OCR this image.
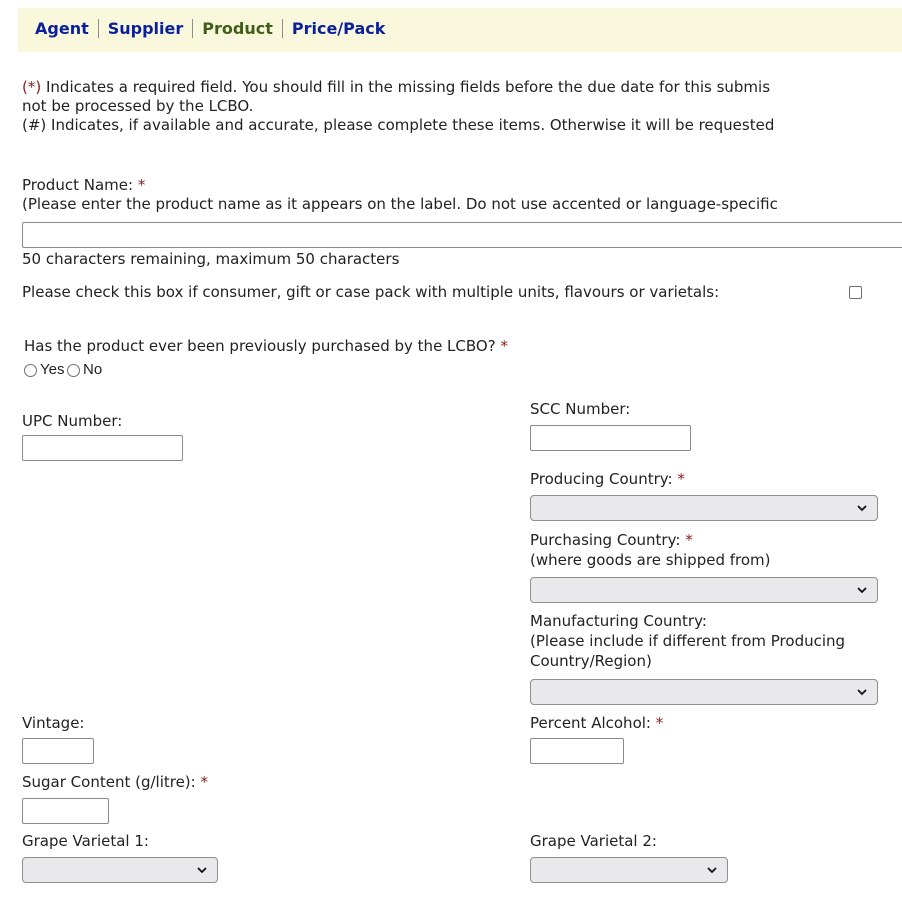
Agent Supplier Product Price/Pack
(*) Indicates a required field. You should fill in the missing fields before the due date for this submis
not be processed by the LCBO.
(#) Indicates, if available and accurate, please complete these items. Otherwise it will be requested
Product Name: *
(Please enter the product name as it appears on the label. Do not use accented or language-specific
50 characters remaining, maximum 50 characters
Please check this box if consumer, gift or case pack with multiple units, flavours or varietals:
Has the product ever been previously purchased by the LCBO? *
Yes No
UPC Number:
SCC Number:
Producing Country: *
Purchasing Country: *
(where goods are shipped from)
Manufacturing Country:
(Please include if different from Producing
Country/Region)
Vintage:	Percent Alcohol: *
Sugar Content (g/litre): *
Grape Varietal 1:	Grape Varietal 2:
